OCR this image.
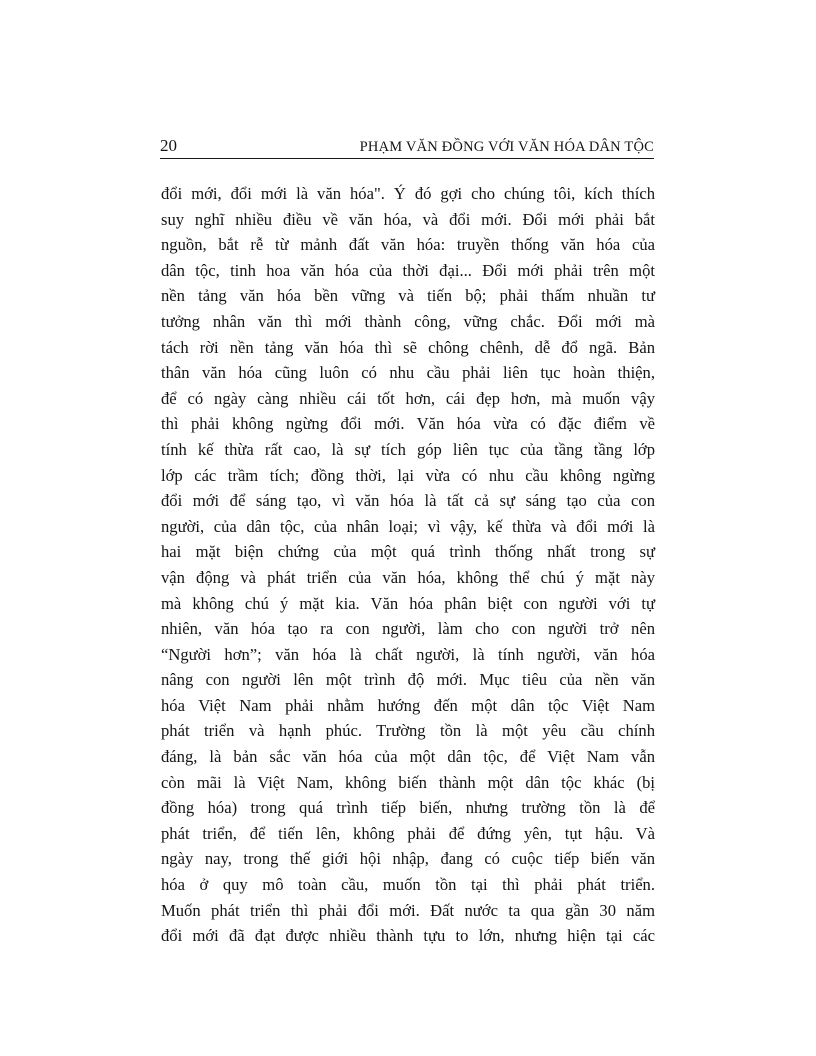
20	PHẠM VĂN ĐỒNG VỚI VĂN HÓA DÂN TỘC
đổi mới, đổi mới là văn hóa". Ý đó gợi cho chúng tôi, kích thích
suy nghĩ nhiều điều về văn hóa, và đổi mới. Đổi mới phải bắt
nguồn, bắt rễ từ mảnh đất văn hóa: truyền thống văn hóa của
dân tộc, tinh hoa văn hóa của thời đại... Đổi mới phải trên một
nền tảng văn hóa bền vững và tiến bộ; phải thấm nhuần tư
tưởng nhân văn thì mới thành công, vững chắc. Đổi mới mà
tách rời nền tảng văn hóa thì sẽ chông chênh, dễ đổ ngã. Bản
thân văn hóa cũng luôn có nhu cầu phải liên tục hoàn thiện,
để có ngày càng nhiều cái tốt hơn, cái đẹp hơn, mà muốn vậy
thì phải không ngừng đổi mới. Văn hóa vừa có đặc điểm về
tính kế thừa rất cao, là sự tích góp liên tục của tầng tầng lớp
lớp các trầm tích; đồng thời, lại vừa có nhu cầu không ngừng
đổi mới để sáng tạo, vì văn hóa là tất cả sự sáng tạo của con
người, của dân tộc, của nhân loại; vì vậy, kế thừa và đổi mới là
hai mặt biện chứng của một quá trình thống nhất trong sự
vận động và phát triển của văn hóa, không thể chú ý mặt này
mà không chú ý mặt kia. Văn hóa phân biệt con người với tự
nhiên, văn hóa tạo ra con người, làm cho con người trở nên
“Người hơn”; văn hóa là chất người, là tính người, văn hóa
nâng con người lên một trình độ mới. Mục tiêu của nền văn
hóa Việt Nam phải nhằm hướng đến một dân tộc Việt Nam
phát triển và hạnh phúc. Trường tồn là một yêu cầu chính
đáng, là bản sắc văn hóa của một dân tộc, để Việt Nam vẫn
còn mãi là Việt Nam, không biến thành một dân tộc khác (bị
đồng hóa) trong quá trình tiếp biến, nhưng trường tồn là để
phát triển, để tiến lên, không phải để đứng yên, tụt hậu. Và
ngày nay, trong thế giới hội nhập, đang có cuộc tiếp biến văn
hóa ở quy mô toàn cầu, muốn tồn tại thì phải phát triển.
Muốn phát triển thì phải đổi mới. Đất nước ta qua gần 30 năm
đổi mới đã đạt được nhiều thành tựu to lớn, nhưng hiện tại các
